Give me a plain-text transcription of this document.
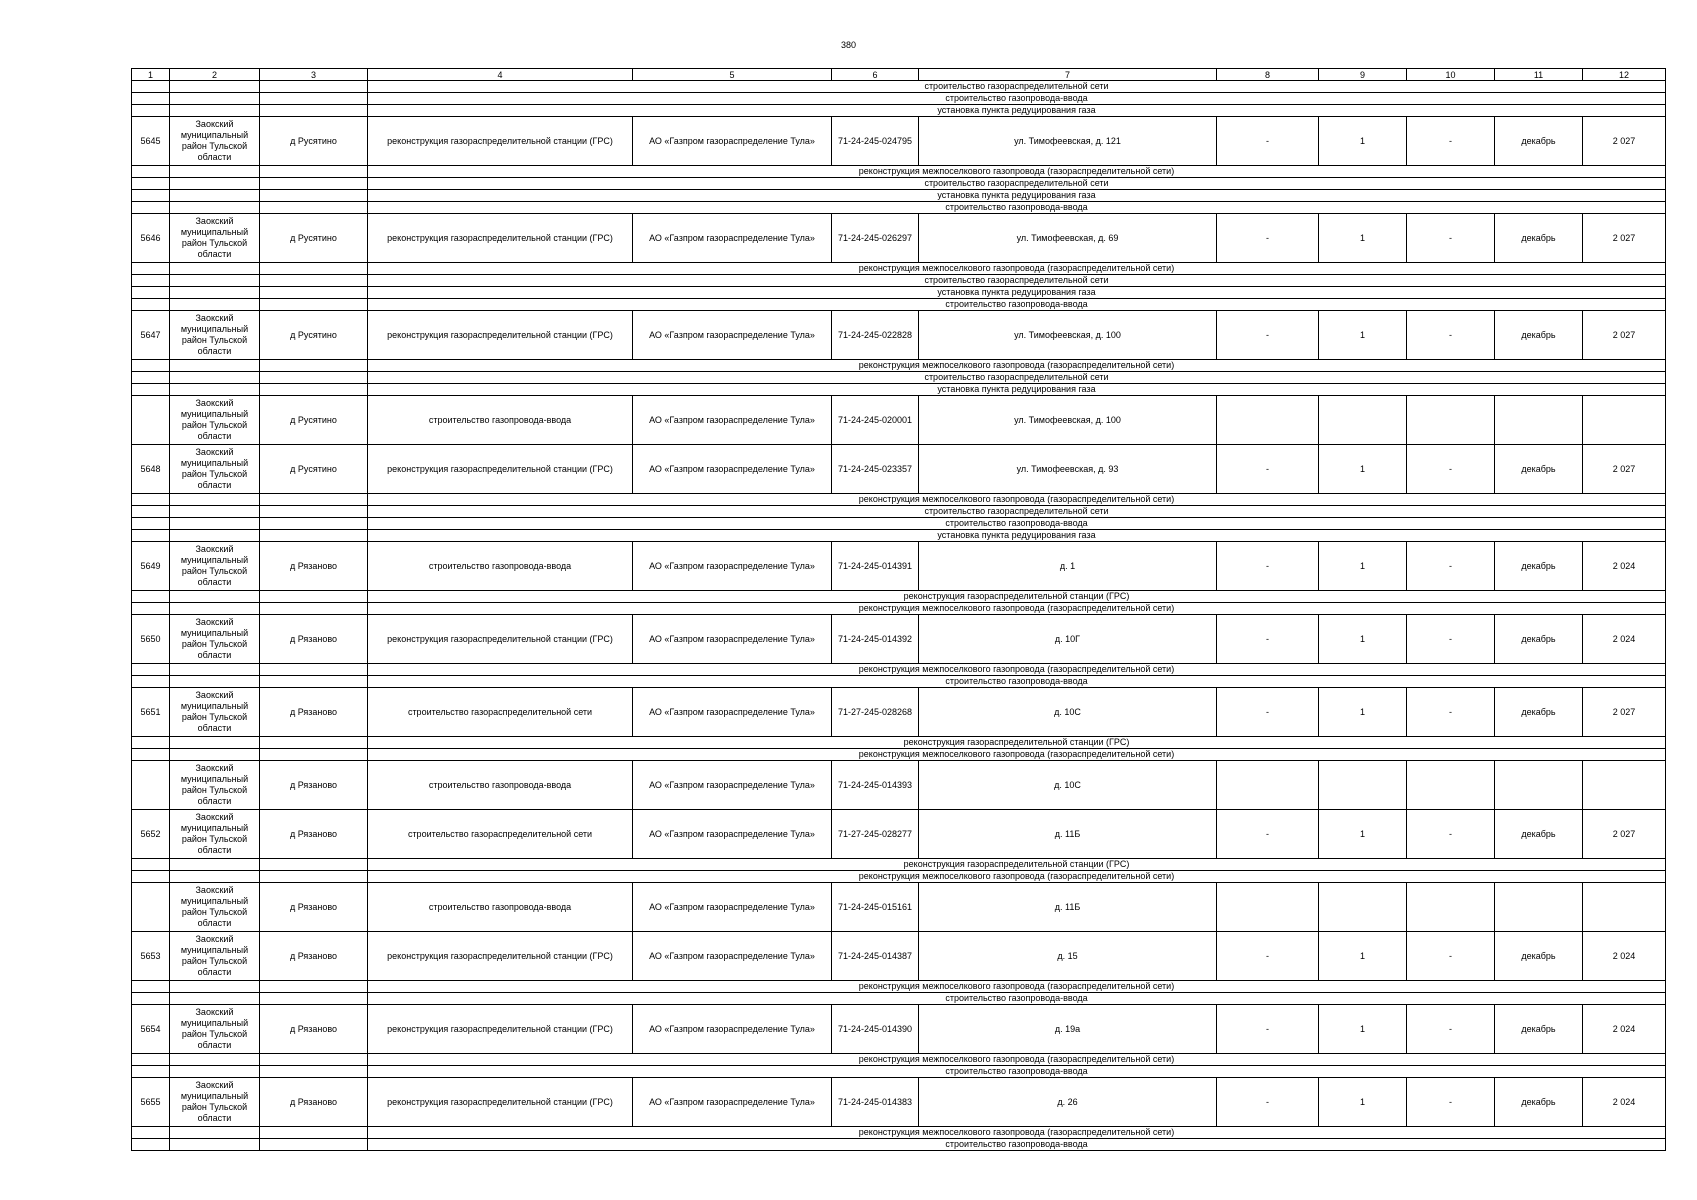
380
1	2	3	4	5	6	7	8	9	10	11	12
			строительство газораспределительной сети								
			строительство газопровода-ввода								
			установка пункта редуцирования газа								
5645	Заокский муниципальный район Тульской области	д Русятино	реконструкция газораспределительной станции (ГРС)	АО «Газпром газораспределение Тула»	71-24-245-024795	ул. Тимофеевская, д. 121	-	1	-	декабрь	2 027
			реконструкция межпоселкового газопровода (газораспределительной сети)								
			строительство газораспределительной сети								
			установка пункта редуцирования газа								
			строительство газопровода-ввода								
5646	Заокский муниципальный район Тульской области	д Русятино	реконструкция газораспределительной станции (ГРС)	АО «Газпром газораспределение Тула»	71-24-245-026297	ул. Тимофеевская, д. 69	-	1	-	декабрь	2 027
			реконструкция межпоселкового газопровода (газораспределительной сети)								
			строительство газораспределительной сети								
			установка пункта редуцирования газа								
			строительство газопровода-ввода								
5647	Заокский муниципальный район Тульской области	д Русятино	реконструкция газораспределительной станции (ГРС)	АО «Газпром газораспределение Тула»	71-24-245-022828	ул. Тимофеевская, д. 100	-	1	-	декабрь	2 027
			реконструкция межпоселкового газопровода (газораспределительной сети)								
			строительство газораспределительной сети								
			установка пункта редуцирования газа								
	Заокский муниципальный район Тульской области	д Русятино	строительство газопровода-ввода	АО «Газпром газораспределение Тула»	71-24-245-020001	ул. Тимофеевская, д. 100					
5648	Заокский муниципальный район Тульской области	д Русятино	реконструкция газораспределительной станции (ГРС)	АО «Газпром газораспределение Тула»	71-24-245-023357	ул. Тимофеевская, д. 93	-	1	-	декабрь	2 027
			реконструкция межпоселкового газопровода (газораспределительной сети)								
			строительство газораспределительной сети								
			строительство газопровода-ввода								
			установка пункта редуцирования газа								
5649	Заокский муниципальный район Тульской области	д Рязаново	строительство газопровода-ввода	АО «Газпром газораспределение Тула»	71-24-245-014391	д. 1	-	1	-	декабрь	2 024
			реконструкция газораспределительной станции (ГРС)								
			реконструкция межпоселкового газопровода (газораспределительной сети)								
5650	Заокский муниципальный район Тульской области	д Рязаново	реконструкция газораспределительной станции (ГРС)	АО «Газпром газораспределение Тула»	71-24-245-014392	д. 10Г	-	1	-	декабрь	2 024
			реконструкция межпоселкового газопровода (газораспределительной сети)								
			строительство газопровода-ввода								
5651	Заокский муниципальный район Тульской области	д Рязаново	строительство газораспределительной сети	АО «Газпром газораспределение Тула»	71-27-245-028268	д. 10С	-	1	-	декабрь	2 027
			реконструкция газораспределительной станции (ГРС)								
			реконструкция межпоселкового газопровода (газораспределительной сети)								
	Заокский муниципальный район Тульской области	д Рязаново	строительство газопровода-ввода	АО «Газпром газораспределение Тула»	71-24-245-014393	д. 10С					
5652	Заокский муниципальный район Тульской области	д Рязаново	строительство газораспределительной сети	АО «Газпром газораспределение Тула»	71-27-245-028277	д. 11Б	-	1	-	декабрь	2 027
			реконструкция газораспределительной станции (ГРС)								
			реконструкция межпоселкового газопровода (газораспределительной сети)								
	Заокский муниципальный район Тульской области	д Рязаново	строительство газопровода-ввода	АО «Газпром газораспределение Тула»	71-24-245-015161	д. 11Б					
5653	Заокский муниципальный район Тульской области	д Рязаново	реконструкция газораспределительной станции (ГРС)	АО «Газпром газораспределение Тула»	71-24-245-014387	д. 15	-	1	-	декабрь	2 024
			реконструкция межпоселкового газопровода (газораспределительной сети)								
			строительство газопровода-ввода								
5654	Заокский муниципальный район Тульской области	д Рязаново	реконструкция газораспределительной станции (ГРС)	АО «Газпром газораспределение Тула»	71-24-245-014390	д. 19а	-	1	-	декабрь	2 024
			реконструкция межпоселкового газопровода (газораспределительной сети)								
			строительство газопровода-ввода								
5655	Заокский муниципальный район Тульской области	д Рязаново	реконструкция газораспределительной станции (ГРС)	АО «Газпром газораспределение Тула»	71-24-245-014383	д. 26	-	1	-	декабрь	2 024
			реконструкция межпоселкового газопровода (газораспределительной сети)								
			строительство газопровода-ввода								
